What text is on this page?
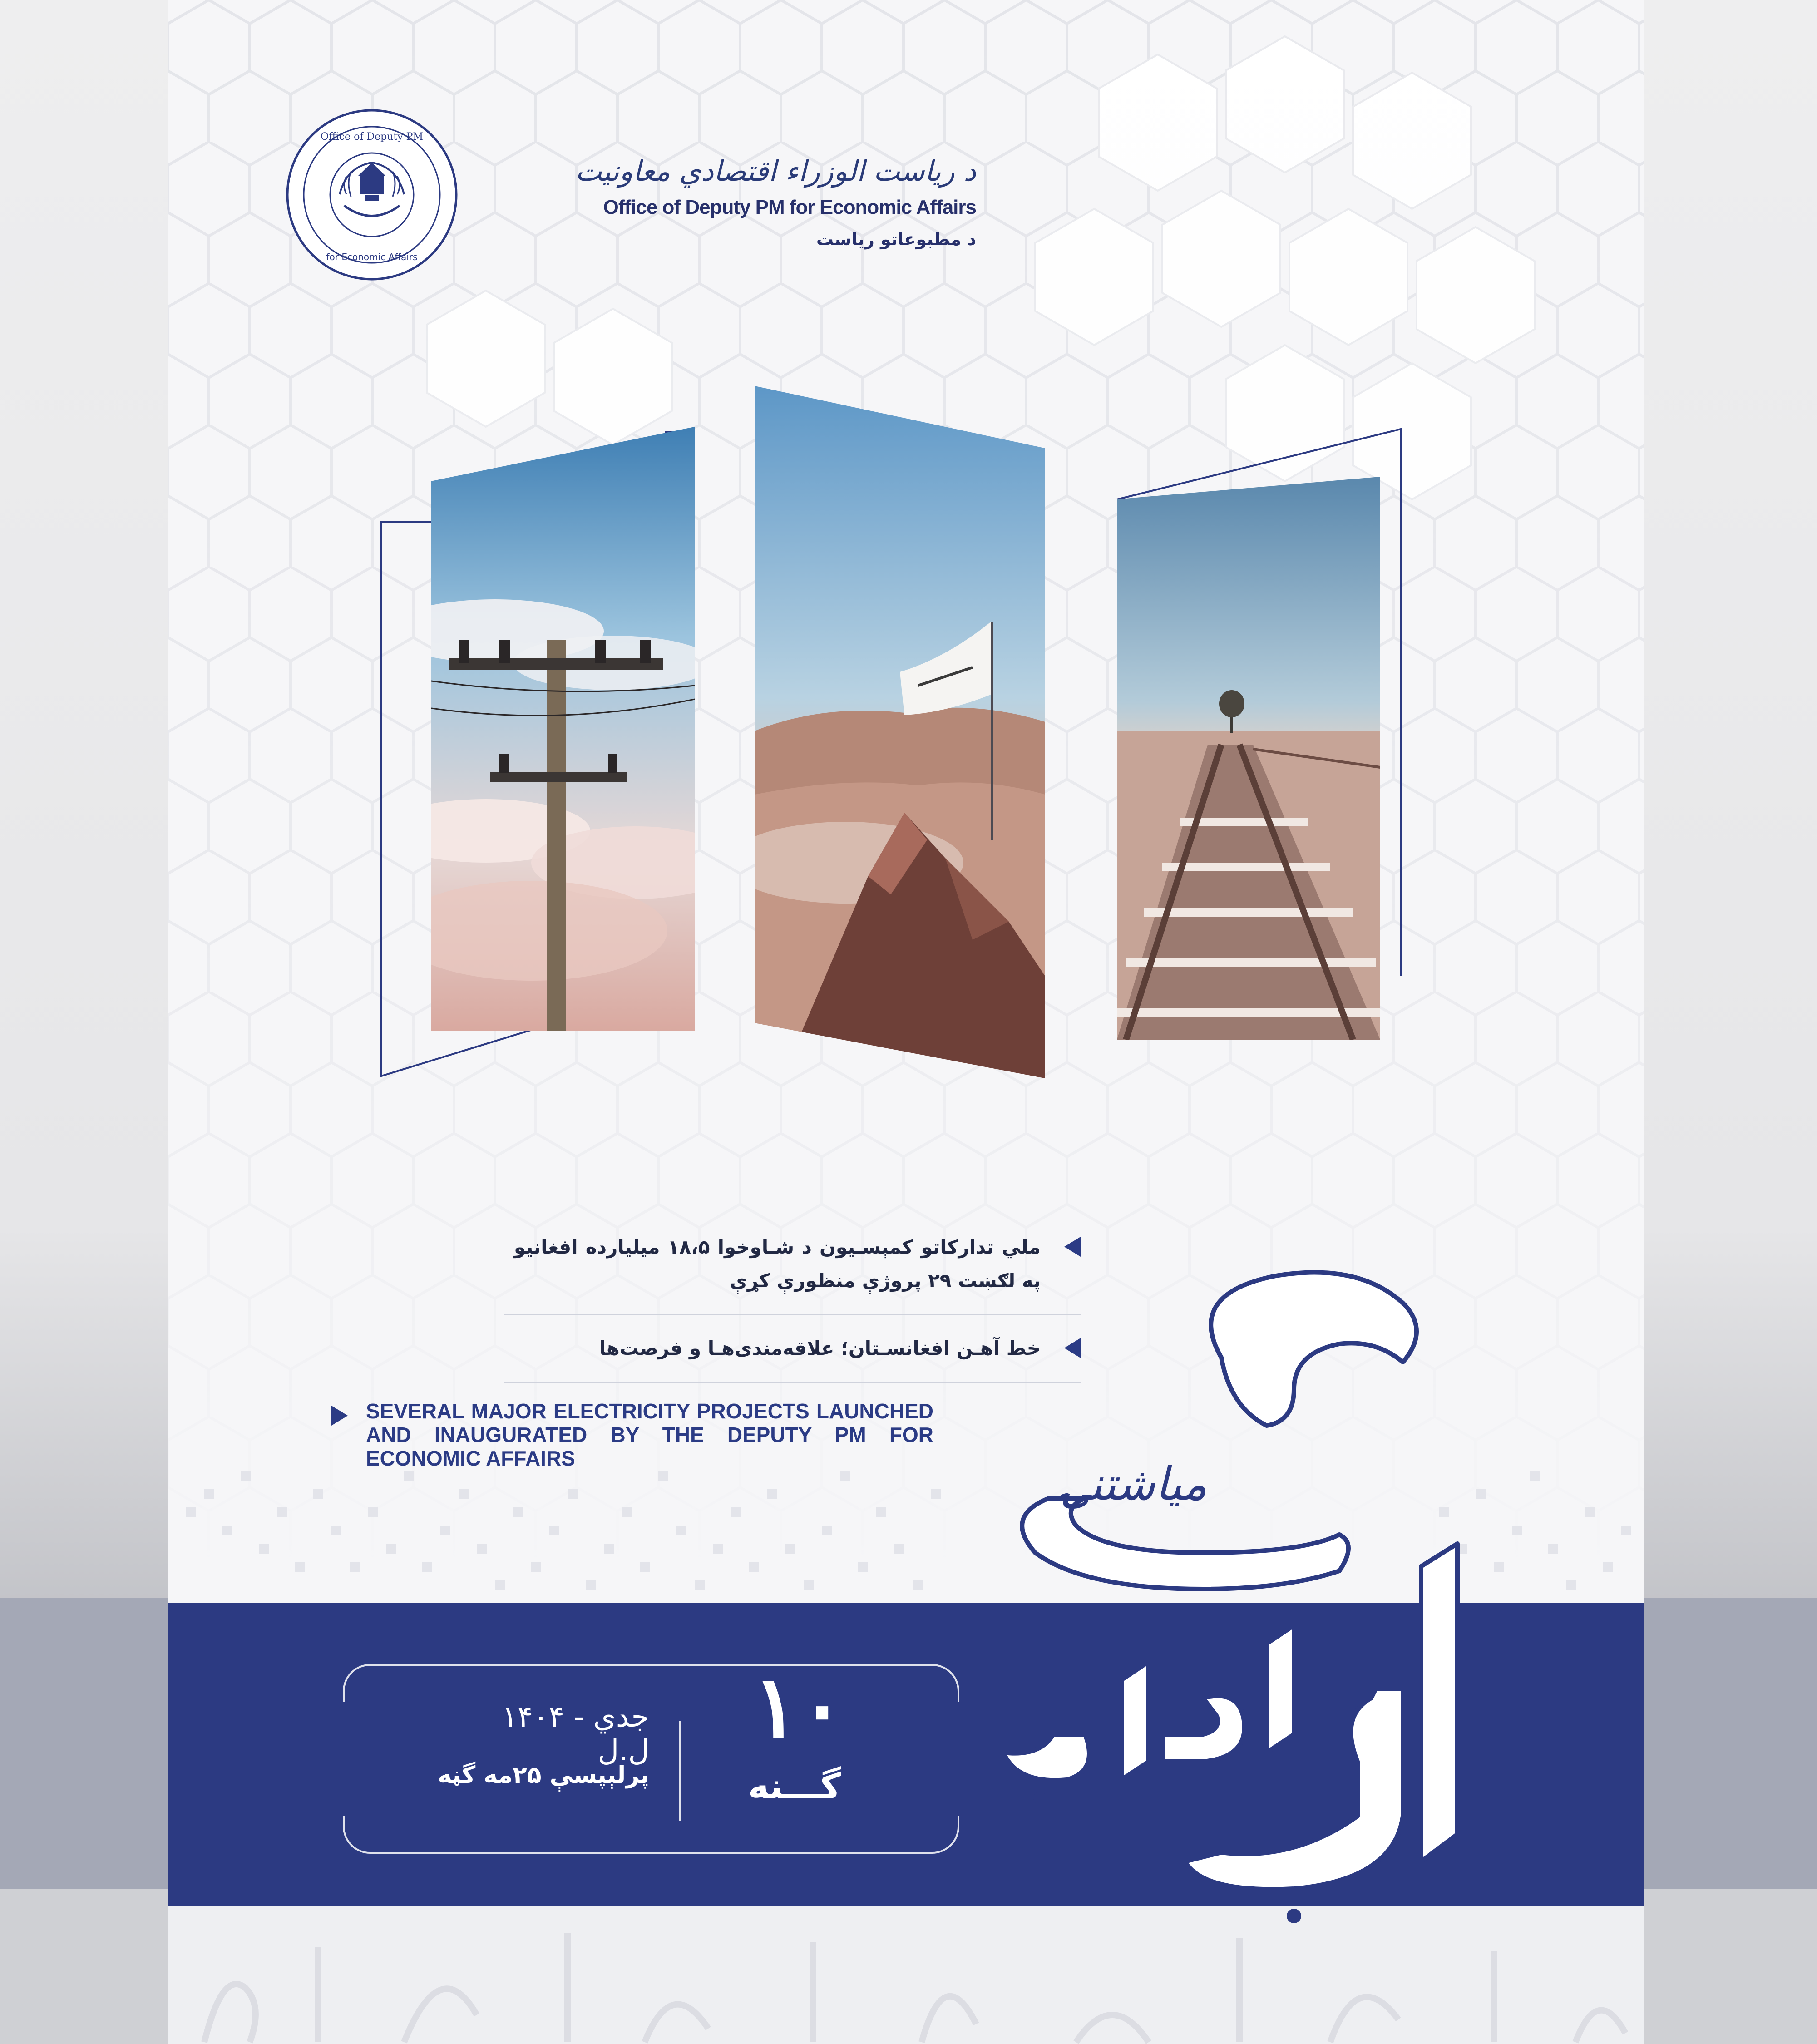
Office of Deputy PM
for Economic Affairs
د رياست الوزراء اقتصادي معاونيت
Office of Deputy PM for Economic Affairs
د مطبوعاتو رياست
ملي تدارکاتو کمېسـيون د شـاوخوا ۱۸،۵ میلیارده افغانيو په لګښت ۲۹ پروژې منظورې کړې
خط آهـن افغانسـتان؛ علاقه‌مندی‌هـا و فرصت‌ها
SEVERAL MAJOR ELECTRICITY PROJECTS LAUNCHED AND INAUGURATED BY THE DEPUTY PM FOR ECONOMIC AFFAIRS
جدي - ۱۴۰۴ ل.ل
پرلېپسې ۲۵مه گڼه
١٠
گـــنه
مياشتنۍ
